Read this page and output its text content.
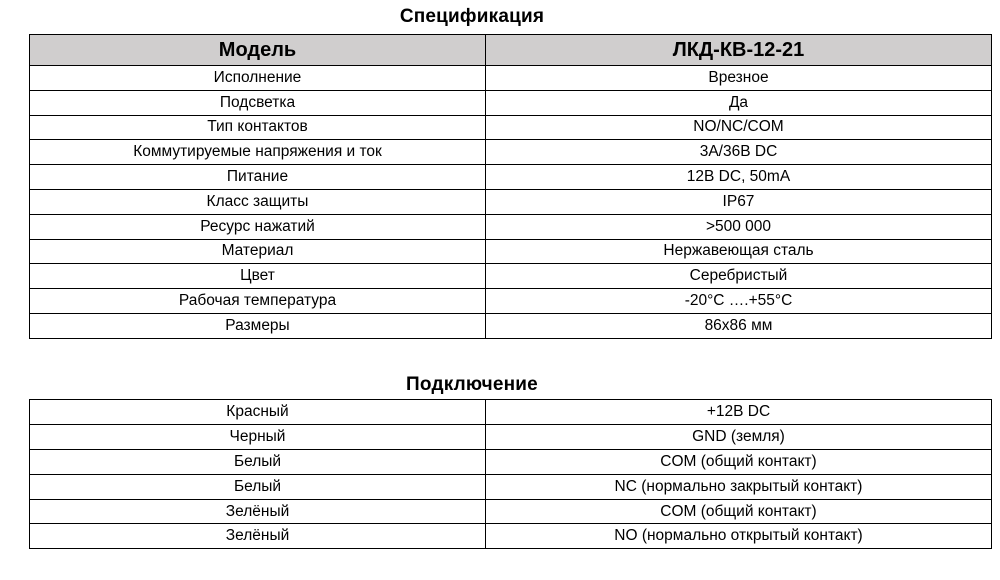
Спецификация
Модель	ЛКД-КВ-12-21
Исполнение	Врезное
Подсветка	Да
Тип контактов	NO/NC/COM
Коммутируемые напряжения и ток	3А/36В DC
Питание	12В DC, 50mA
Класс защиты	IP67
Ресурс нажатий	>500 000
Материал	Нержавеющая сталь
Цвет	Серебристый
Рабочая температура	-20°C ….+55°C
Размеры	86x86 мм
Подключение
Красный	+12В DC
Черный	GND (земля)
Белый	COM (общий контакт)
Белый	NC (нормально закрытый контакт)
Зелёный	COM (общий контакт)
Зелёный	NO (нормально открытый контакт)
